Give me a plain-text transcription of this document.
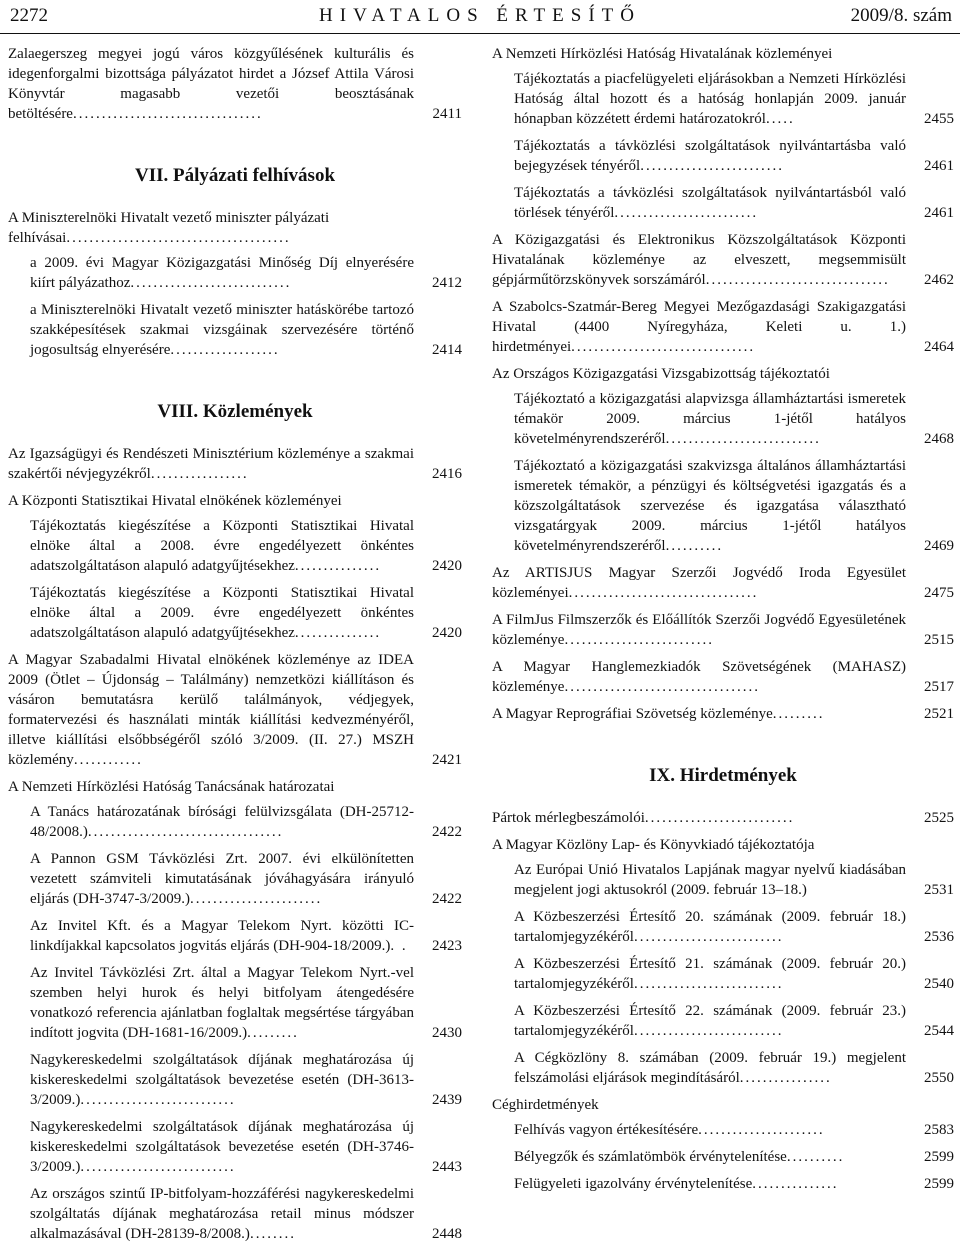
2272	HIVATALOS ÉRTESÍTŐ	2009/8. szám
Zalaegerszeg megyei jogú város közgyűlésének kulturális és idegenforgalmi bizottsága pályázatot hirdet a József Attila Városi Könyvtár magasabb vezetői beosztásának betöltésére.................................	2411
VII. Pályázati felhívások
A Miniszterelnöki Hivatalt vezető miniszter pályázati felhívásai.......................................
a 2009. évi Magyar Közigazgatási Minőség Díj elnyerésére kiírt pályázathoz............................	2412
a Miniszterelnöki Hivatalt vezető miniszter hatáskörébe tartozó szakképesítések szakmai vizsgáinak szervezésére történő jogosultság elnyerésére...................	2414
VIII. Közlemények
Az Igazságügyi és Rendészeti Minisztérium közleménye a szakmai szakértői névjegyzékről.................	2416
A Központi Statisztikai Hivatal elnökének közleményei
Tájékoztatás kiegészítése a Központi Statisztikai Hivatal elnöke által a 2008. évre engedélyezett önkéntes adatszolgáltatáson alapuló adatgyűjtésekhez...............	2420
Tájékoztatás kiegészítése a Központi Statisztikai Hivatal elnöke által a 2009. évre engedélyezett önkéntes adatszolgáltatáson alapuló adatgyűjtésekhez...............	2420
A Magyar Szabadalmi Hivatal elnökének közleménye az IDEA 2009 (Ötlet – Újdonság – Találmány) nemzetközi kiállításon és vásáron bemutatásra kerülő találmányok, védjegyek, formatervezési és használati minták kiállítási kedvezményéről, illetve kiállítási elsőbbségéről szóló 3/2009. (II. 27.) MSZH közlemény............	2421
A Nemzeti Hírközlési Hatóság Tanácsának határozatai
A Tanács határozatának bírósági felülvizsgálata (DH-25712-48/2008.)..................................	2422
A Pannon GSM Távközlési Zrt. 2007. évi elkülönítetten vezetett számviteli kimutatásának jóváhagyására irányuló eljárás (DH-3747-3/2009.).......................	2422
Az Invitel Kft. és a Magyar Telekom Nyrt. közötti IC-linkdíjakkal kapcsolatos jogvitás eljárás (DH-904-18/2009.). .	2423
Az Invitel Távközlési Zrt. által a Magyar Telekom Nyrt.-vel szemben helyi hurok és helyi bitfolyam átengedésére vonatkozó referencia ajánlatban foglaltak megsértése tárgyában indított jogvita (DH-1681-16/2009.).........	2430
Nagykereskedelmi szolgáltatások díjának meghatározása új kiskereskedelmi szolgáltatások bevezetése esetén (DH-3613-3/2009.)...........................	2439
Nagykereskedelmi szolgáltatások díjának meghatározása új kiskereskedelmi szolgáltatások bevezetése esetén (DH-3746-3/2009.)...........................	2443
Az országos szintű IP-bitfolyam-hozzáférési nagykereskedelmi szolgáltatás díjának meghatározása retail minus módszer alkalmazásával (DH-28139-8/2008.)........	2448
A Nemzeti Hírközlési Hatóság Hivatalának közleményei
Tájékoztatás a piacfelügyeleti eljárásokban a Nemzeti Hírközlési Hatóság által hozott és a hatóság honlapján 2009. január hónapban közzétett érdemi határozatokról.....	2455
Tájékoztatás a távközlési szolgáltatások nyilvántartásba való bejegyzések tényéről.........................	2461
Tájékoztatás a távközlési szolgáltatások nyilvántartásból való törlések tényéről.........................	2461
A Közigazgatási és Elektronikus Közszolgáltatások Központi Hivatalának közleménye az elveszett, megsemmisült gépjárműtörzskönyvek sorszámáról................................	2462
A Szabolcs-Szatmár-Bereg Megyei Mezőgazdasági Szakigazgatási Hivatal (4400 Nyíregyháza, Keleti u. 1.) hirdetményei................................	2464
Az Országos Közigazgatási Vizsgabizottság tájékoztatói
Tájékoztató a közigazgatási alapvizsga államháztartási ismeretek témakör 2009. március 1-jétől hatályos követelményrendszeréről...........................	2468
Tájékoztató a közigazgatási szakvizsga általános államháztartási ismeretek témakör, a pénzügyi és költségvetési igazgatás és a közszolgáltatások szervezése és igazgatása választható vizsgatárgyak 2009. március 1-jétől hatályos követelményrendszeréről..........	2469
Az ARTISJUS Magyar Szerzői Jogvédő Iroda Egyesület közleményei.................................	2475
A FilmJus Filmszerzők és Előállítók Szerzői Jogvédő Egyesületének közleménye..........................	2515
A Magyar Hanglemezkiadók Szövetségének (MAHASZ) közleménye..................................	2517
A Magyar Reprográfiai Szövetség közleménye.........	2521
IX. Hirdetmények
Pártok mérlegbeszámolói..........................	2525
A Magyar Közlöny Lap- és Könyvkiadó tájékoztatója
Az Európai Unió Hivatalos Lapjának magyar nyelvű kiadásában megjelent jogi aktusokról (2009. február 13–18.)	2531
A Közbeszerzési Értesítő 20. számának (2009. február 18.) tartalomjegyzékéről..........................	2536
A Közbeszerzési Értesítő 21. számának (2009. február 20.) tartalomjegyzékéről..........................	2540
A Közbeszerzési Értesítő 22. számának (2009. február 23.) tartalomjegyzékéről..........................	2544
A Cégközlöny 8. számában (2009. február 19.) megjelent felszámolási eljárások megindításáról................	2550
Céghirdetmények
Felhívás vagyon értékesítésére......................	2583
Bélyegzők és számlatömbök érvénytelenítése..........	2599
Felügyeleti igazolvány érvénytelenítése...............	2599
